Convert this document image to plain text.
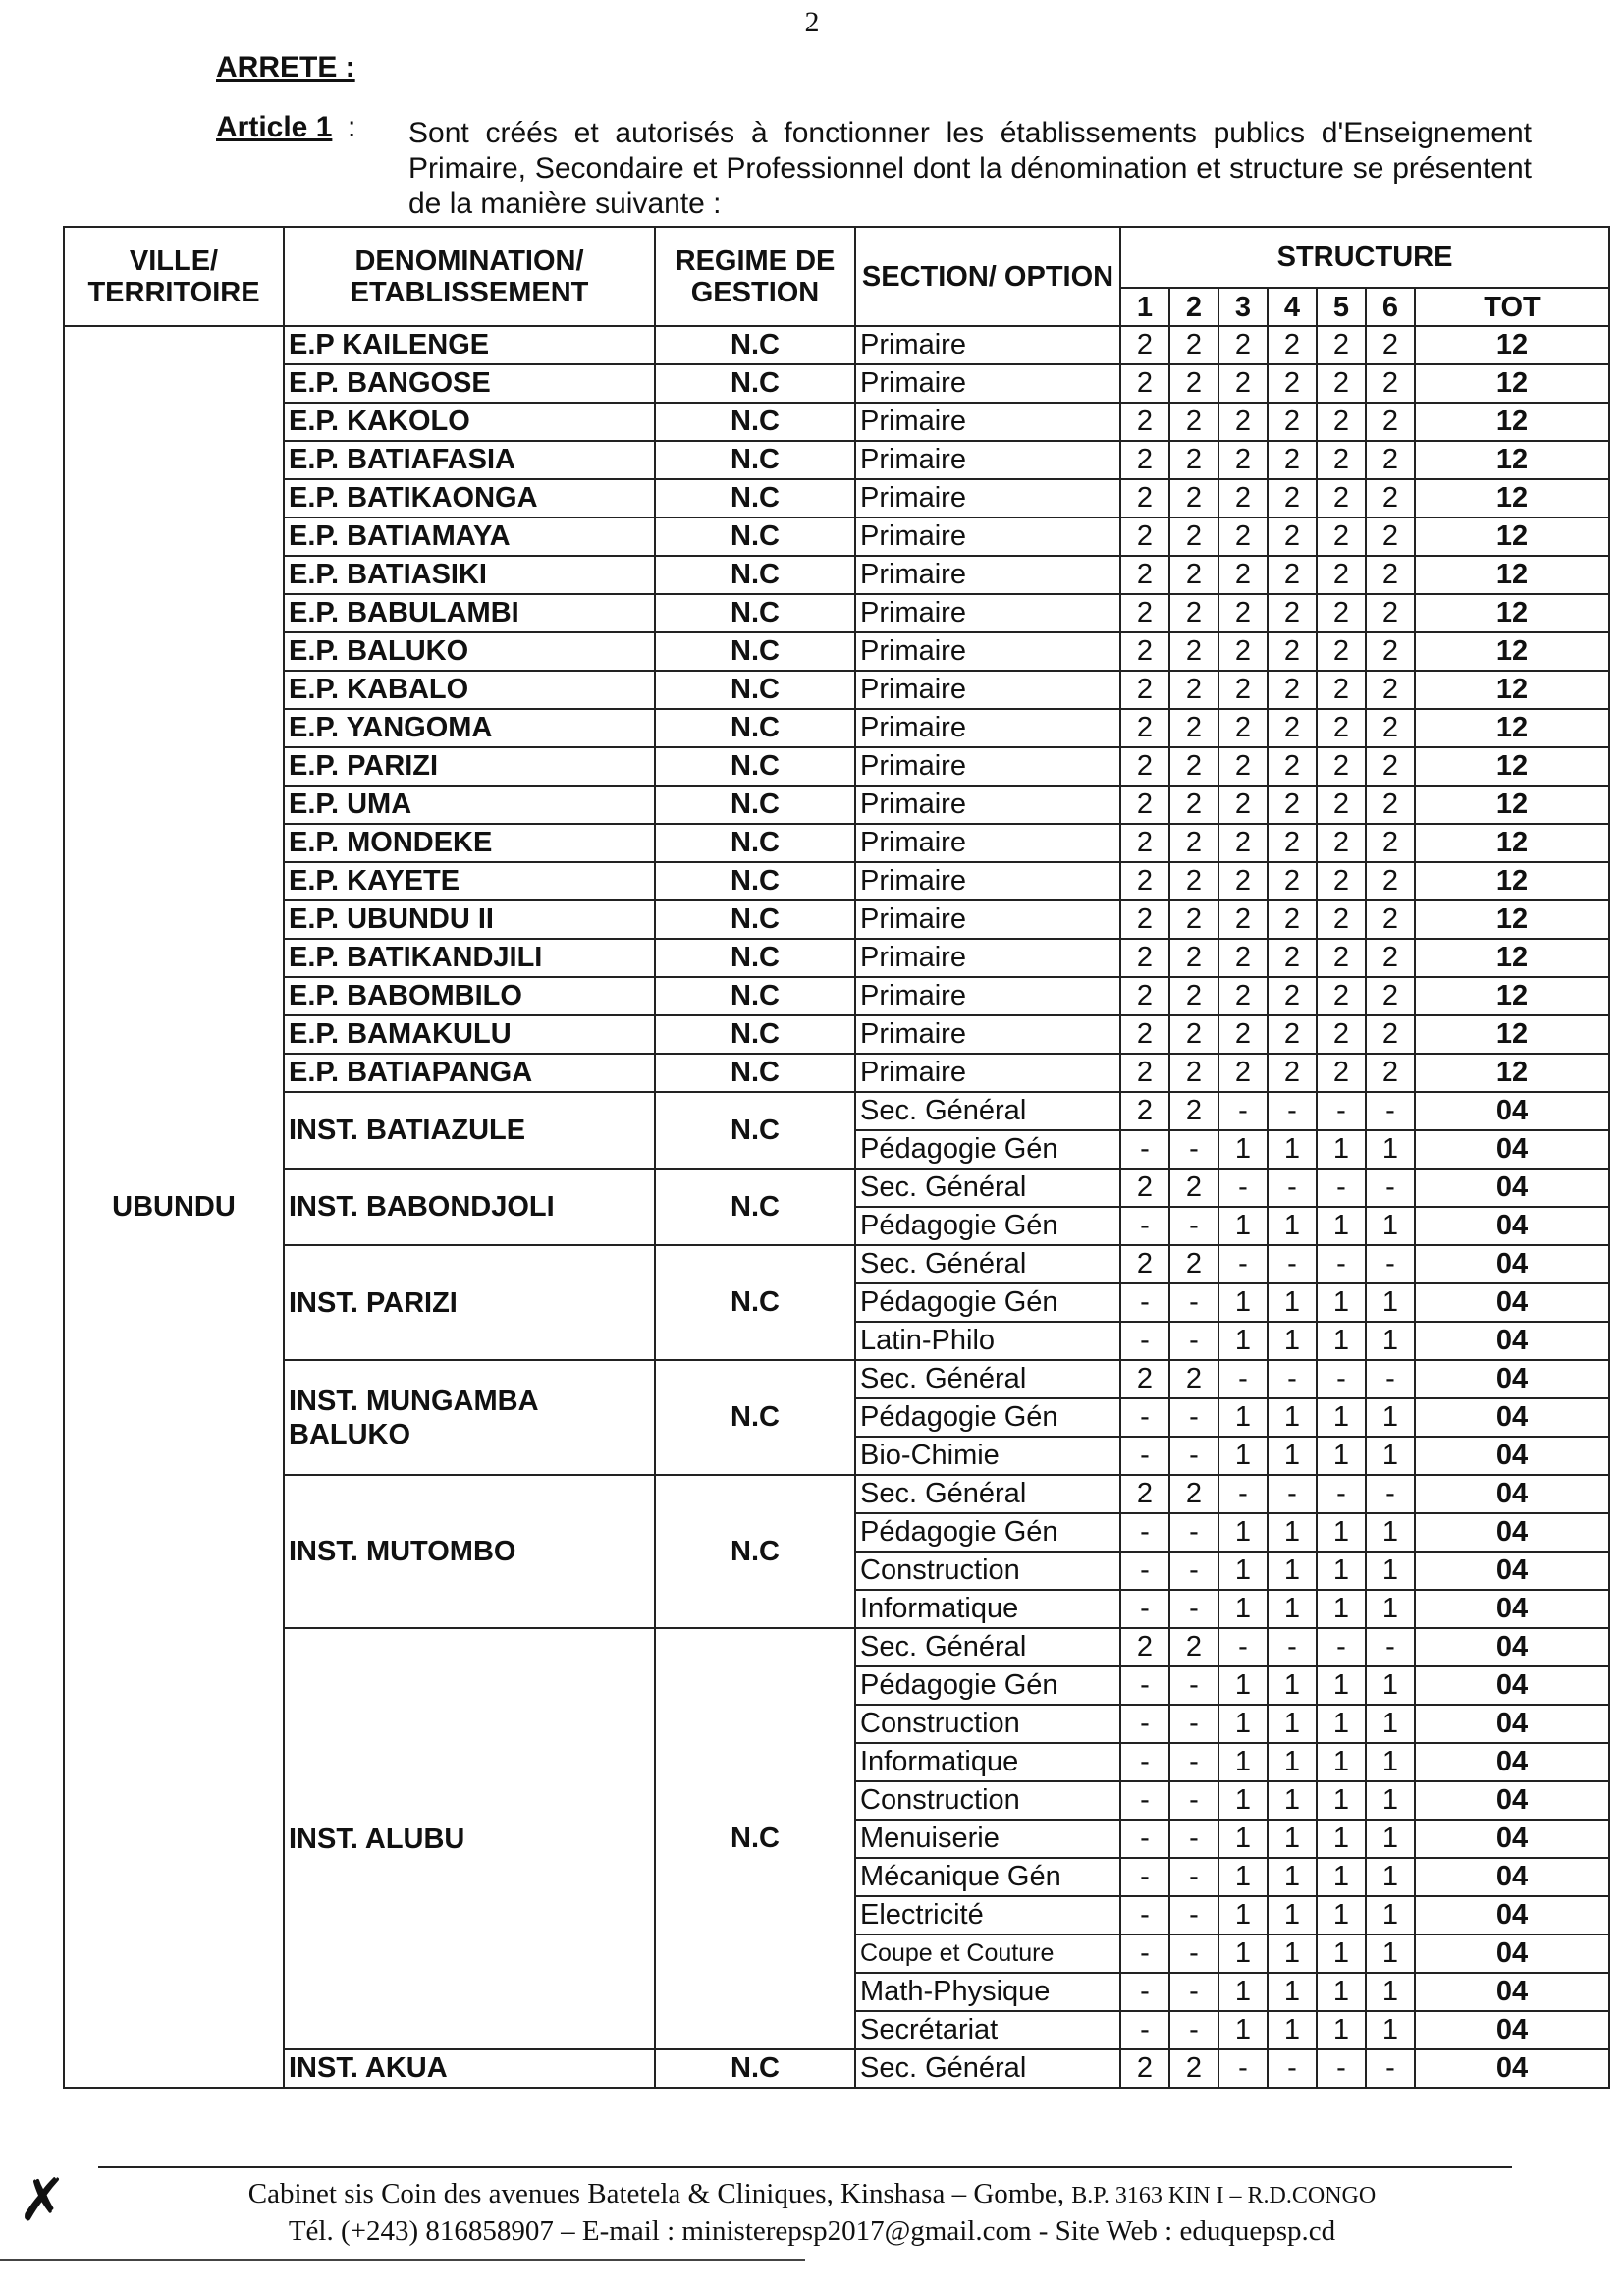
2
ARRETE :
Article 1 : Sont créés et autorisés à fonctionner les établissements publics d'Enseignement Primaire, Secondaire et Professionnel dont la dénomination et structure se présentent de la manière suivante :
VILLE/ TERRITOIRE	DENOMINATION/ ETABLISSEMENT	REGIME DE GESTION	SECTION/ OPTION	STRUCTURE						
				1	2	3	4	5	6	TOT
UBUNDU	E.P KAILENGE	N.C	Primaire	2	2	2	2	2	2	12
	E.P. BANGOSE	N.C	Primaire	2	2	2	2	2	2	12
	E.P. KAKOLO	N.C	Primaire	2	2	2	2	2	2	12
	E.P. BATIAFASIA	N.C	Primaire	2	2	2	2	2	2	12
	E.P. BATIKAONGA	N.C	Primaire	2	2	2	2	2	2	12
	E.P. BATIAMAYA	N.C	Primaire	2	2	2	2	2	2	12
	E.P. BATIASIKI	N.C	Primaire	2	2	2	2	2	2	12
	E.P. BABULAMBI	N.C	Primaire	2	2	2	2	2	2	12
	E.P. BALUKO	N.C	Primaire	2	2	2	2	2	2	12
	E.P. KABALO	N.C	Primaire	2	2	2	2	2	2	12
	E.P. YANGOMA	N.C	Primaire	2	2	2	2	2	2	12
	E.P. PARIZI	N.C	Primaire	2	2	2	2	2	2	12
	E.P. UMA	N.C	Primaire	2	2	2	2	2	2	12
	E.P. MONDEKE	N.C	Primaire	2	2	2	2	2	2	12
	E.P. KAYETE	N.C	Primaire	2	2	2	2	2	2	12
	E.P. UBUNDU II	N.C	Primaire	2	2	2	2	2	2	12
	E.P. BATIKANDJILI	N.C	Primaire	2	2	2	2	2	2	12
	E.P. BABOMBILO	N.C	Primaire	2	2	2	2	2	2	12
	E.P. BAMAKULU	N.C	Primaire	2	2	2	2	2	2	12
	E.P. BATIAPANGA	N.C	Primaire	2	2	2	2	2	2	12
	INST. BATIAZULE	N.C	Sec. Général	2	2	-	-	-	-	04
			Pédagogie Gén	-	-	1	1	1	1	04
	INST. BABONDJOLI	N.C	Sec. Général	2	2	-	-	-	-	04
			Pédagogie Gén	-	-	1	1	1	1	04
	INST. PARIZI	N.C	Sec. Général	2	2	-	-	-	-	04
			Pédagogie Gén	-	-	1	1	1	1	04
			Latin-Philo	-	-	1	1	1	1	04
	INST. MUNGAMBA BALUKO	N.C	Sec. Général	2	2	-	-	-	-	04
			Pédagogie Gén	-	-	1	1	1	1	04
			Bio-Chimie	-	-	1	1	1	1	04
	INST. MUTOMBO	N.C	Sec. Général	2	2	-	-	-	-	04
			Pédagogie Gén	-	-	1	1	1	1	04
			Construction	-	-	1	1	1	1	04
			Informatique	-	-	1	1	1	1	04
	INST. ALUBU	N.C	Sec. Général	2	2	-	-	-	-	04
			Pédagogie Gén	-	-	1	1	1	1	04
			Construction	-	-	1	1	1	1	04
			Informatique	-	-	1	1	1	1	04
			Construction	-	-	1	1	1	1	04
			Menuiserie	-	-	1	1	1	1	04
			Mécanique Gén	-	-	1	1	1	1	04
			Electricité	-	-	1	1	1	1	04
			Coupe et Couture	-	-	1	1	1	1	04
			Math-Physique	-	-	1	1	1	1	04
			Secrétariat	-	-	1	1	1	1	04
	INST. AKUA	N.C	Sec. Général	2	2	-	-	-	-	04
Cabinet sis Coin des avenues Batetela & Cliniques, Kinshasa – Gombe, B.P. 3163 KIN I – R.D.CONGO
Tél. (+243) 816858907 – E-mail : ministerepsp2017@gmail.com - Site Web : eduquepsp.cd
✗
